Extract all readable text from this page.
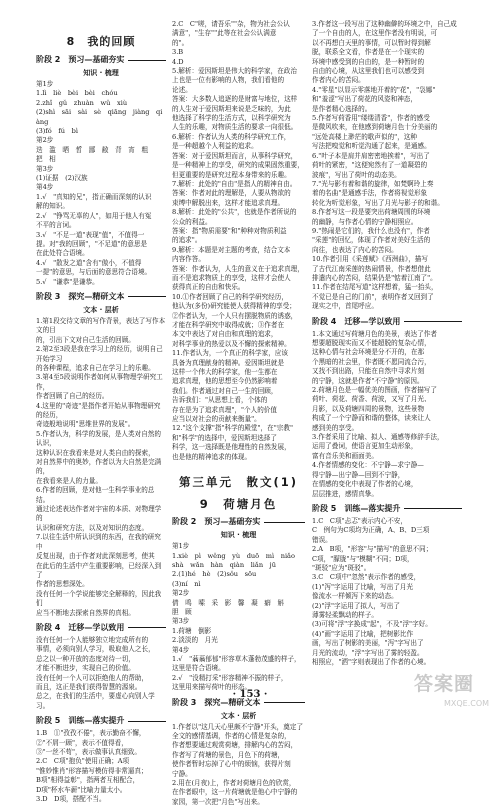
8　我的回顾
阶段 2　预习—基础夯实
知识 · 梳理

第1步

1.lì　liè　bèi　bèi　chóu

2.zhǐ　gǔ　zhuàn　wǔ　xiù

(2)shì　sāi　sài　sè　qiāng　jiàng　qiàng

(3)fó　fú　bì

第2步

迭　滥　晒　皙　鄙　敝　背　宵　粗

把　相

第3步

(1)证据　(2)汉族

第4步

1.√　"真知的兄"，指正确而深刻的认识

解的知识。

2.√　"铮骂无辜的人"，如用于他人有冤

不平的言词。

3.√　"不足一道"表现"值"，不值得一

提。对"我的回顾"，"不足道"的意思是

在此处符合语境。

4.√　"散发之道"含有"傲小，不值得

一提"的意思，与后面的意思符合语境。

5.√　"谦恭"是谦恭。

阶段 3　探究—精研文本
文本 · 层析

1.第1段交待文章的写作背景，表达了写作本文的目

的，引出下文对自己生活的回顾。

2.第2至3段是我在学习上的经历，说明自己开始学习

的各种课程，追求自己在学习上的乐趣。

3.第4至5段说明作者如何从事物理学研究工作，

作者回顾了自己的经历。

4.这里的"奇迹"是指作者开始从事物理研究的经历，

奇迹般地说明"思维世界的发展"。

5.作者认为，科学的发展，是人类对自然的认识，

这种认识在我看来是对人类自由的探索，

对自然界中的奥妙，作者以为大自然是完满的，

在我看来是人的力量。

6.作者的回顾，是对他一生科学事业的总结。

通过论述表达作者对宇宙的本质、对物理学的

认识和研究方法，以及对知识的态度。

7.以往生活中所认识到的东西，在我的研究中

反复出现，由于作者对此深刻思考，使其

在此后的生活中产生重要影响，已经深入到了

作者的思想深处。

没有任何一个学说能够完全解释的，因此我们

应当不断地去探索自然界的真相。

阶段 4　迁移—学以致用

没有任何一个人能够独立地完成所有的

事情，必须向别人学习，吸取他人之长，

总之以一种开放的态度对待一切，

才能不断进步，实现自己的价值。

没有任何一个人可以拒绝他人的帮助，

而且，这正是我们获得智慧的源泉。

总之，在我们的生活中，要虚心向别人学习。

阶段 5　训练—落实提升

1.B　①"孜孜不倦"，表示勤奋不懈，

②"不屑一顾"，表示不值得看，

③"一丝不苟"，表示做事认真细致。

2.C　C项"抱负"使用正确；A项

"惟妙惟肖"形容描写模仿得非常逼真；

B项"相得益彰"，指两者互相配合，

D项"杯水车薪"比喻力量太小。

3.D　D项，搭配不当。

2.C　C"嗟，请吾乐""杂，物为社会公认

满意"，"生存""此等在社会公认满意

的"。

3.B

4.D

5.解析：爱因斯坦是伟大的科学家，在政治

上也是一位有影响的人物，我们看他的

论述。

答案：大多数人追逐的是财富与地位，这样

的人生对于爱因斯坦来说是乏味的，为此

他选择了科学的生活方式，以科学研究为

人生的乐趣，对物质生活的要求一向很低。

6.解析：作者认为人类的科学研究工作，

是一种超越个人利益的追求。

答案：对于爱因斯坦而言，从事科学研究，

是一种精神上的享受，研究的成果固然重要，

但更重要的是研究过程本身带来的乐趣。

7.解析：此处的"自由"是指人的精神自由。

答案：作者对此的理解是，人要从物欲的

束缚中解脱出来，这样才能追求真理。

8.解析：此处的"公共"，也就是作者所说的

公众的利益。

答案：指"物质需要"和"种种对物质利益

的追求"。

9.解析：本题是对主题的考查，结合文本

内容作答。

答案：作者认为，人生的意义在于追求真理，

而不是追求物质上的享受，这样才会使人

获得真正的自由和快乐。

10.①作者回顾了自己的科学研究经历，

他认为(多份)研究能使人获得精神的享受；

②作者认为，一个人只有摆脱物质的诱惑，

才能在科学研究中取得成就；③作者在

本文中表达了对自由和真理的追求，

对科学事业的热爱以及不懈的探索精神。

11.作者认为，一个真正的科学家，应该

具备为真理献身的精神。爱因斯坦就是

这样一个伟大的科学家，他一生都在

追求真理，他的思想至今仍然影响着

我们。作者通过对自己一生的回顾，

告诉我们："从思想上看，个体的

存在是为了追求真理"，"个人的价值

应当以对社会的贡献来衡量"。

12."这个支撑"指"科学的殿堂"，在"宗教"

和"科学"的选择中，爱因斯坦选择了

科学，这一选择既是他理性的自然发展，

也是他的精神追求的体现。

第三单元　散文(1)
9　荷塘月色
阶段 2　预习—基础夯实
知识 · 梳理

第1步

1.xiè　pì　wěng　yù　duō　mì　niǎo

shà　wǎn　hàn　qiàn　liǎn　jū

2.(1)hé　hè　(2)sǒu　sōu

(3)ní　nì

第2步

倩　鸣　嗦　采　影　馨　凝　癖　斛

胆　顾

第3步

1.荷塘　倒影

2.淡淡的　月光

第4步

1.√　"蓊蓊郁郁"形容草木蓬勃茂盛的样子，

这里是符合语境。

2.√　"没精打采"形容精神不振的样子，

这里用来描写荷叶的形态。

阶段 3　探究—精研文本
文本 · 层析

1.作者以"这几天心里颇不宁静"开头，奠定了

全文的感情基调，作者的心情是复杂的，

作者想要通过观赏荷塘，排解内心的苦闷，

作者写了荷塘的景色，月色下的荷塘，

使作者暂时忘掉了心中的烦恼，获得片刻

宁静。

2.用在(月夜)上，作者对荷塘月色的欣赏，

在作者眼中，这一片荷塘就是他心中宁静的

家园，第一次把"月色"写出来。

3.作者这一段写出了这种幽僻的环境之中，自己成

了一个自由的人，在这里作者没有明说，可

以不再想白天里的事情，可以暂时得到解

脱，联系全文看，作者是在一个现实的

环境中感受到的自由的，是一种暂时的

自由的心境，从这里我们也可以感受到

作者内心的苦闷。

4."零星"以显示零落地开着的"花"，"袅娜"

和"羞涩"写出了荷花的风姿和神态，

是作者精心选择的。

5.作者写荷香用"缕缕清香"，作者的感受

是微风吹来，在他感到荷塘月色十分美丽的

"远处高楼上渺茫的歌声似的"，这种

写法把嗅觉和听觉沟通了起来，是通感。

6."叶子本是肩并肩密密地挨着"，写出了

荷叶的紧密，"这便宛然有了一道凝碧的

波痕"，写出了荷叶的动态美。

7."光与影有着和谐的旋律，如梵婀玲上奏

着的名曲"是通感手法，作者将视觉形象

转化为听觉形象，写出了月光与影子的和谐。

8.作者写这一段是要突出荷塘周围的环境

的幽静，与作者心情的宁静相照应。

9."热闹是它们的，我什么也没有"，作者

"采莲"的回忆，体现了作者对美好生活的

向往，也表达了内心的苦闷。

10.作者引用《采莲赋》《西洲曲》，描写

了古代江南采莲的热闹情景，作者想借此

排遣内心的苦闷，结果仍是"惦着江南了"。

11.作者在结尾写道"这样想着，猛一抬头，

不觉已是自己的门前"，表明作者又回到了

现实之中，首尾呼应。

阶段 4　迁移—学以致用

1.本文通过写荷塘月色的美景，表达了作者

想要超脱现实而又不能超脱的复杂心情，

这种心情与社会环境是分不开的，在那

个黑暗的社会里，作者既不愿同流合污，

又找不到出路，只能在自然中寻求片刻

的宁静，这就是作者"不宁静"的原因。

2.荷塘月色是一幅优美的图画，作者描写了

荷叶、荷花、荷香、荷波，又写了月光、

月影，以及荷塘四周的景物，这些景物

构成了一个宁静而和谐的整体，读来让人

感到美的享受。

3.作者采用了比喻、拟人、通感等修辞手法，

运用了叠词，使语言更加生动形象，

富有音乐美和画面美。

4.作者情感的变化：不宁静—求宁静—

得宁静—出宁静—回到不宁静，

在情感的变化中表现了作者的心境，

层层推进，感情真挚。

阶段 5　训练—落实提升

1.C　C项"忐忑"表示内心不安，

C　例句为C项均为正确，A、B、D三项

错误。

2.A　B项，"形容"与"描写"的意思不同；

C项，"朦胧"与"模糊"不同；D项，

"斑驳"应为"斑驳"。

3.C　C项中"忽然"表示作者的感受，

(1)"泻"字运用了比喻，写出了月光

像流水一样倾泻下来的动态。

(2)"浮"字运用了拟人，写出了

薄雾轻柔飘动的样子。

(3)可将"浮"字换成"起"，不及"浮"字好。

(4)"画"字运用了比喻，把树影比作

画，写出了树影的美丽，"泻"字写出了

月光的流动，"浮"字写出了雾的轻盈。

相照应，"洒"字则表现出了作者的心境。

· 153 ·	答案圈
MXQE.COM
